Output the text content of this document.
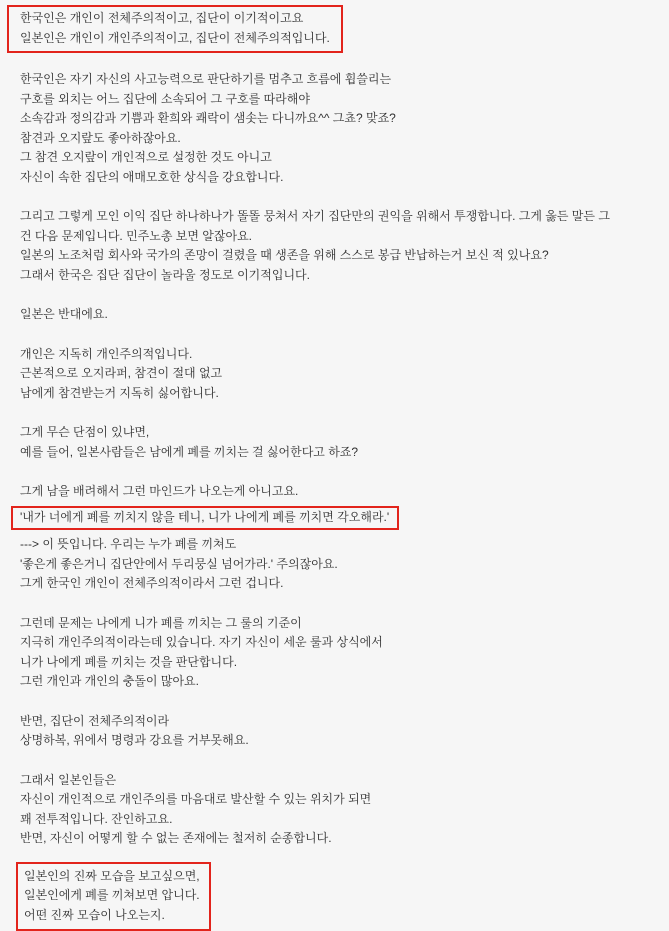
한국인은 개인이 전체주의적이고, 집단이 이기적이고요
일본인은 개인이 개인주의적이고, 집단이 전체주의적입니다.
한국인은 자기 자신의 사고능력으로 판단하기를 멈추고 흐름에 휩쓸리는
구호를 외치는 어느 집단에 소속되어 그 구호를 따라해야
소속감과 정의감과 기쁨과 환희와 쾌락이 샘솟는 다니까요^^ 그쵸? 맞죠?
참견과 오지랖도 좋아하잖아요.
그 참견 오지랖이 개인적으로 설정한 것도 아니고
자신이 속한 집단의 애매모호한 상식을 강요합니다.
그리고 그렇게 모인 이익 집단 하나하나가 똘똘 뭉쳐서 자기 집단만의 권익을 위해서 투쟁합니다. 그게 옳든 말든 그
건 다음 문제입니다. 민주노총 보면 알잖아요.
일본의 노조처럼 회사와 국가의 존망이 걸렸을 때 생존을 위해 스스로 봉급 반납하는거 보신 적 있나요?
그래서 한국은 집단 집단이 놀라울 정도로 이기적입니다.
일본은 반대에요.
개인은 지독히 개인주의적입니다.
근본적으로 오지라퍼, 참견이 절대 없고
남에게 참견받는거 지독히 싫어합니다.
그게 무슨 단점이 있냐면,
예를 들어, 일본사람들은 남에게 폐를 끼치는 걸 싫어한다고 하죠?
그게 남을 배려해서 그런 마인드가 나오는게 아니고요.
'내가 너에게 폐를 끼치지 않을 테니, 니가 나에게 폐를 끼치면 각오해라.'
---> 이 뜻입니다. 우리는 누가 폐를 끼쳐도
'좋은게 좋은거니 집단안에서 두리뭉실 넘어가라.' 주의잖아요.
그게 한국인 개인이 전체주의적이라서 그런 겁니다.
그런데 문제는 나에게 니가 폐를 끼치는 그 룰의 기준이
지극히 개인주의적이라는데 있습니다. 자기 자신이 세운 룰과 상식에서
니가 나에게 폐를 끼치는 것을 판단합니다.
그런 개인과 개인의 충돌이 많아요.
반면, 집단이 전체주의적이라
상명하복, 위에서 명령과 강요를 거부못해요.
그래서 일본인들은
자신이 개인적으로 개인주의를 마음대로 발산할 수 있는 위치가 되면
꽤 전투적입니다. 잔인하고요.
반면, 자신이 어떻게 할 수 없는 존재에는 철저히 순종합니다.
일본인의 진짜 모습을 보고싶으면,
일본인에게 폐를 끼쳐보면 압니다.
어떤 진짜 모습이 나오는지.
